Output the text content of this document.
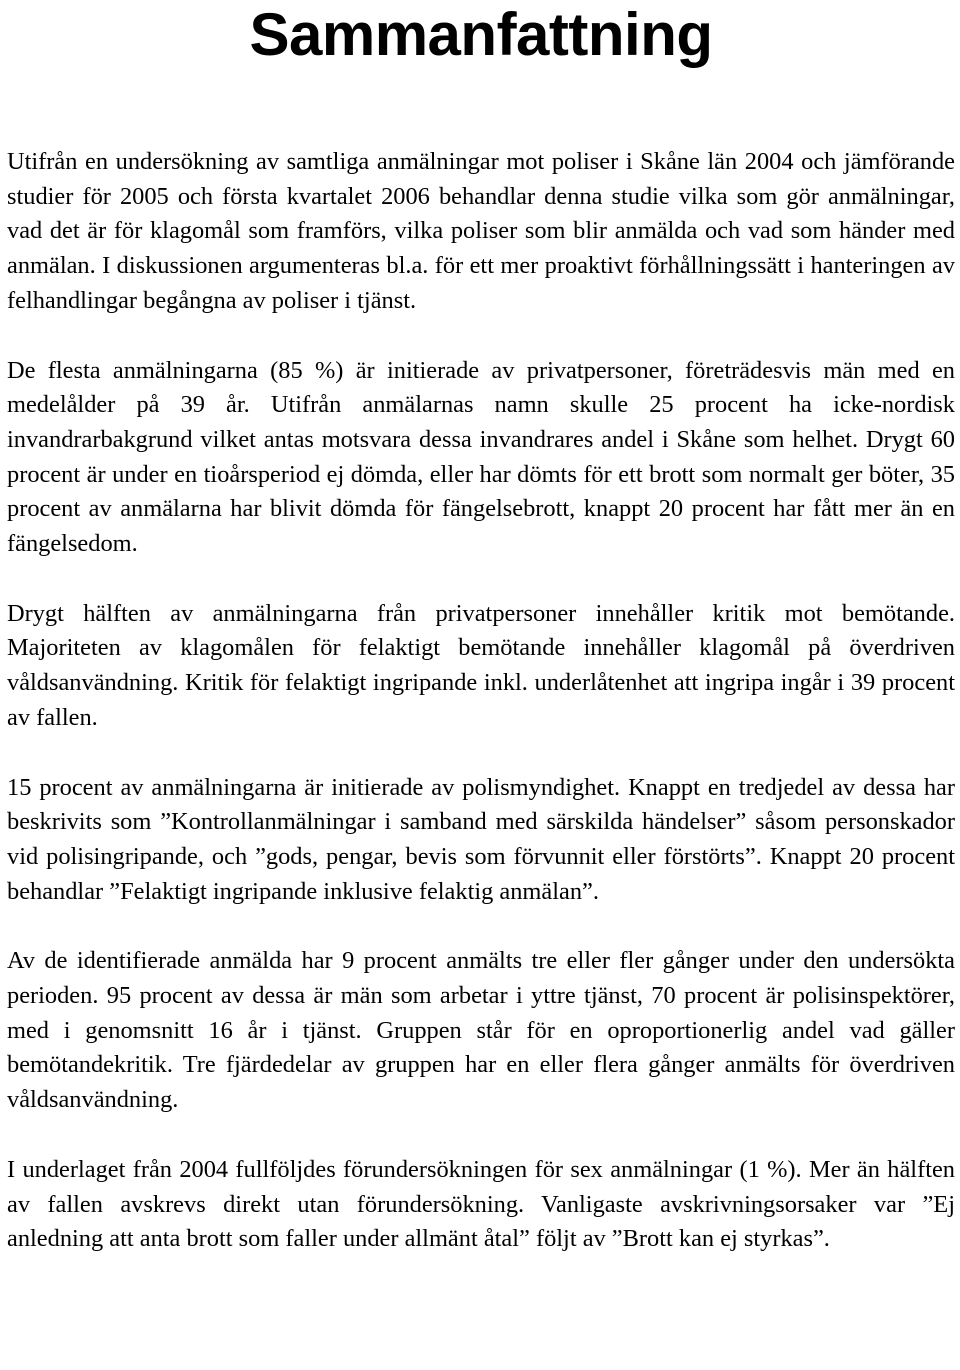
Sammanfattning

Utifrån en undersökning av samtliga anmälningar mot poliser i Skåne län 2004 och jämförande studier för 2005 och första kvartalet 2006 behandlar denna studie vilka som gör anmälningar, vad det är för klagomål som framförs, vilka poliser som blir anmälda och vad som händer med anmälan. I diskussionen argumenteras bl.a. för ett mer proaktivt förhållningssätt i hanteringen av felhandlingar begångna av poliser i tjänst.

De flesta anmälningarna (85 %) är initierade av privatpersoner, företrädesvis män med en medelålder på 39 år. Utifrån anmälarnas namn skulle 25 procent ha icke-nordisk invandrarbakgrund vilket antas motsvara dessa invandrares andel i Skåne som helhet. Drygt 60 procent är under en tioårsperiod ej dömda, eller har dömts för ett brott som normalt ger böter, 35 procent av anmälarna har blivit dömda för fängelsebrott, knappt 20 procent har fått mer än en fängelsedom.

Drygt hälften av anmälningarna från privatpersoner innehåller kritik mot bemötande. Majoriteten av klagomålen för felaktigt bemötande innehåller klagomål på överdriven våldsanvändning. Kritik för felaktigt ingripande inkl. underlåtenhet att ingripa ingår i 39 procent av fallen.

15 procent av anmälningarna är initierade av polismyndighet. Knappt en tredjedel av dessa har beskrivits som ”Kontrollanmälningar i samband med särskilda händelser” såsom personskador vid polisingripande, och ”gods, pengar, bevis som förvunnit eller förstörts”. Knappt 20 procent behandlar ”Felaktigt ingripande inklusive felaktig anmälan”.

Av de identifierade anmälda har 9 procent anmälts tre eller fler gånger under den undersökta perioden. 95 procent av dessa är män som arbetar i yttre tjänst, 70 procent är polisinspektörer, med i genomsnitt 16 år i tjänst. Gruppen står för en oproportionerlig andel vad gäller bemötandekritik. Tre fjärdedelar av gruppen har en eller flera gånger anmälts för överdriven våldsanvändning.

I underlaget från 2004 fullföljdes förundersökningen för sex anmälningar (1 %). Mer än hälften av fallen avskrevs direkt utan förundersökning. Vanligaste avskrivningsorsaker var ”Ej anledning att anta brott som faller under allmänt åtal” följt av ”Brott kan ej styrkas”.
